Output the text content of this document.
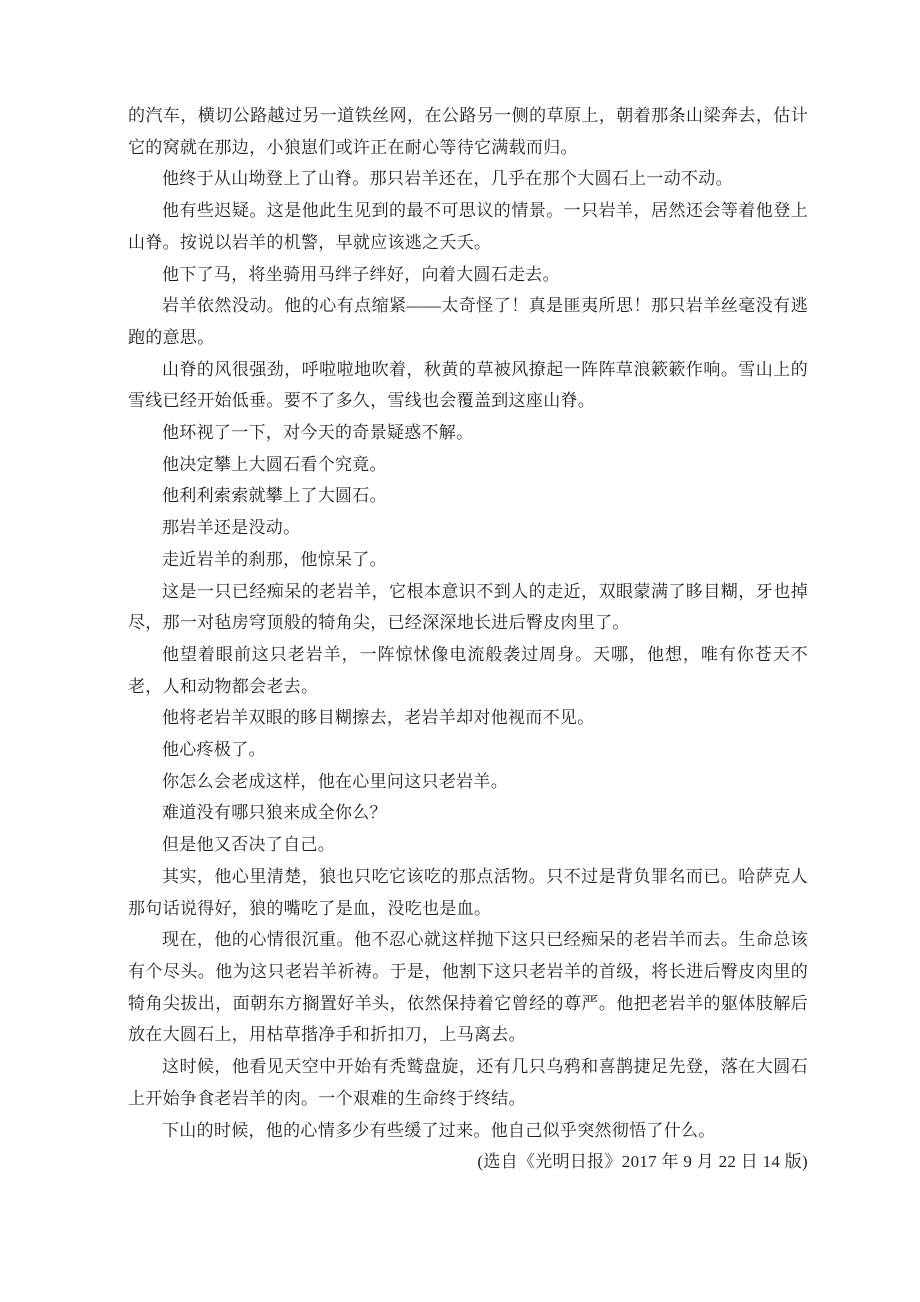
的汽车，横切公路越过另一道铁丝网，在公路另一侧的草原上，朝着那条山梁奔去，估计它的窝就在那边，小狼崽们或许正在耐心等待它满载而归。

他终于从山坳登上了山脊。那只岩羊还在，几乎在那个大圆石上一动不动。

他有些迟疑。这是他此生见到的最不可思议的情景。一只岩羊，居然还会等着他登上山脊。按说以岩羊的机警，早就应该逃之夭夭。

他下了马，将坐骑用马绊子绊好，向着大圆石走去。

岩羊依然没动。他的心有点缩紧——太奇怪了！真是匪夷所思！那只岩羊丝毫没有逃跑的意思。

山脊的风很强劲，呼啦啦地吹着，秋黄的草被风撩起一阵阵草浪簌簌作响。雪山上的雪线已经开始低垂。要不了多久，雪线也会覆盖到这座山脊。

他环视了一下，对今天的奇景疑惑不解。

他决定攀上大圆石看个究竟。

他利利索索就攀上了大圆石。

那岩羊还是没动。

走近岩羊的刹那，他惊呆了。

这是一只已经痴呆的老岩羊，它根本意识不到人的走近，双眼蒙满了眵目糊，牙也掉尽，那一对毡房穹顶般的犄角尖，已经深深地长进后臀皮肉里了。

他望着眼前这只老岩羊，一阵惊怵像电流般袭过周身。天哪，他想，唯有你苍天不老，人和动物都会老去。

他将老岩羊双眼的眵目糊擦去，老岩羊却对他视而不见。

他心疼极了。

你怎么会老成这样，他在心里问这只老岩羊。

难道没有哪只狼来成全你么？

但是他又否决了自己。

其实，他心里清楚，狼也只吃它该吃的那点活物。只不过是背负罪名而已。哈萨克人那句话说得好，狼的嘴吃了是血，没吃也是血。

现在，他的心情很沉重。他不忍心就这样抛下这只已经痴呆的老岩羊而去。生命总该有个尽头。他为这只老岩羊祈祷。于是，他割下这只老岩羊的首级，将长进后臀皮肉里的犄角尖拔出，面朝东方搁置好羊头，依然保持着它曾经的尊严。他把老岩羊的躯体肢解后放在大圆石上，用枯草揩净手和折扣刀，上马离去。

这时候，他看见天空中开始有秃鹫盘旋，还有几只乌鸦和喜鹊捷足先登，落在大圆石上开始争食老岩羊的肉。一个艰难的生命终于终结。

下山的时候，他的心情多少有些缓了过来。他自己似乎突然彻悟了什么。

(选自《光明日报》2017 年 9 月 22 日 14 版)
